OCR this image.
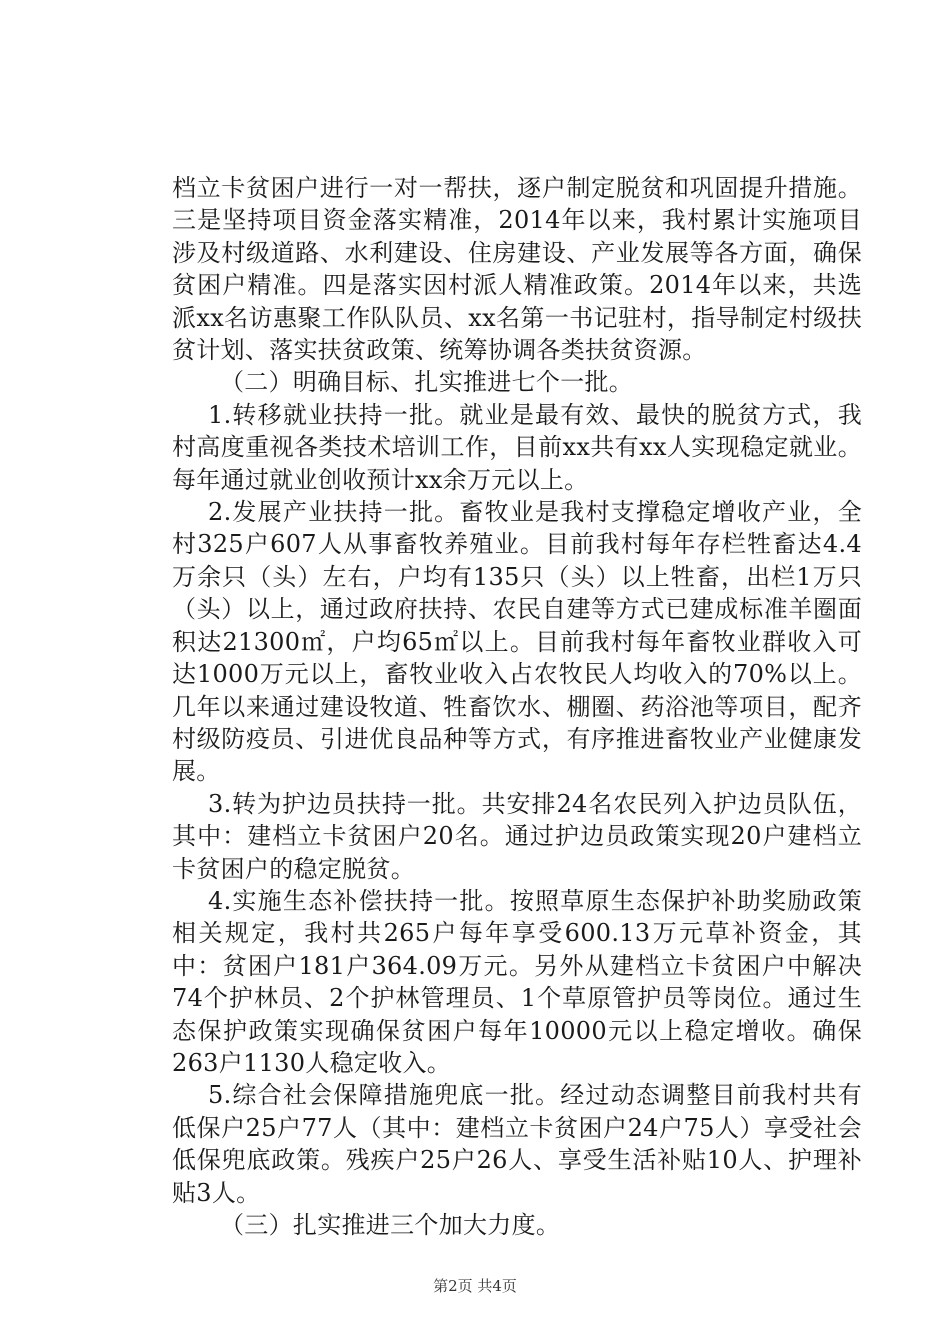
档立卡贫困户进行一对一帮扶，逐户制定脱贫和巩固提升措施。三是坚持项目资金落实精准，2014年以来，我村累计实施项目涉及村级道路、水利建设、住房建设、产业发展等各方面，确保贫困户精准。四是落实因村派人精准政策。2014年以来，共选派xx名访惠聚工作队队员、xx名第一书记驻村，指导制定村级扶贫计划、落实扶贫政策、统筹协调各类扶贫资源。

（二）明确目标、扎实推进七个一批。

1.转移就业扶持一批。就业是最有效、最快的脱贫方式，我村高度重视各类技术培训工作，目前xx共有xx人实现稳定就业。每年通过就业创收预计xx余万元以上。

2.发展产业扶持一批。畜牧业是我村支撑稳定增收产业，全村325户607人从事畜牧养殖业。目前我村每年存栏牲畜达4.4万余只（头）左右，户均有135只（头）以上牲畜，出栏1万只（头）以上，通过政府扶持、农民自建等方式已建成标准羊圈面积达21300㎡，户均65㎡以上。目前我村每年畜牧业群收入可达1000万元以上，畜牧业收入占农牧民人均收入的70%以上。几年以来通过建设牧道、牲畜饮水、棚圈、药浴池等项目，配齐村级防疫员、引进优良品种等方式，有序推进畜牧业产业健康发展。

3.转为护边员扶持一批。共安排24名农民列入护边员队伍，其中：建档立卡贫困户20名。通过护边员政策实现20户建档立卡贫困户的稳定脱贫。

4.实施生态补偿扶持一批。按照草原生态保护补助奖励政策相关规定，我村共265户每年享受600.13万元草补资金，其中：贫困户181户364.09万元。另外从建档立卡贫困户中解决74个护林员、2个护林管理员、1个草原管护员等岗位。通过生态保护政策实现确保贫困户每年10000元以上稳定增收。确保263户1130人稳定收入。

5.综合社会保障措施兜底一批。经过动态调整目前我村共有低保户25户77人（其中：建档立卡贫困户24户75人）享受社会低保兜底政策。残疾户25户26人、享受生活补贴10人、护理补贴3人。

（三）扎实推进三个加大力度。

第2页 共4页
